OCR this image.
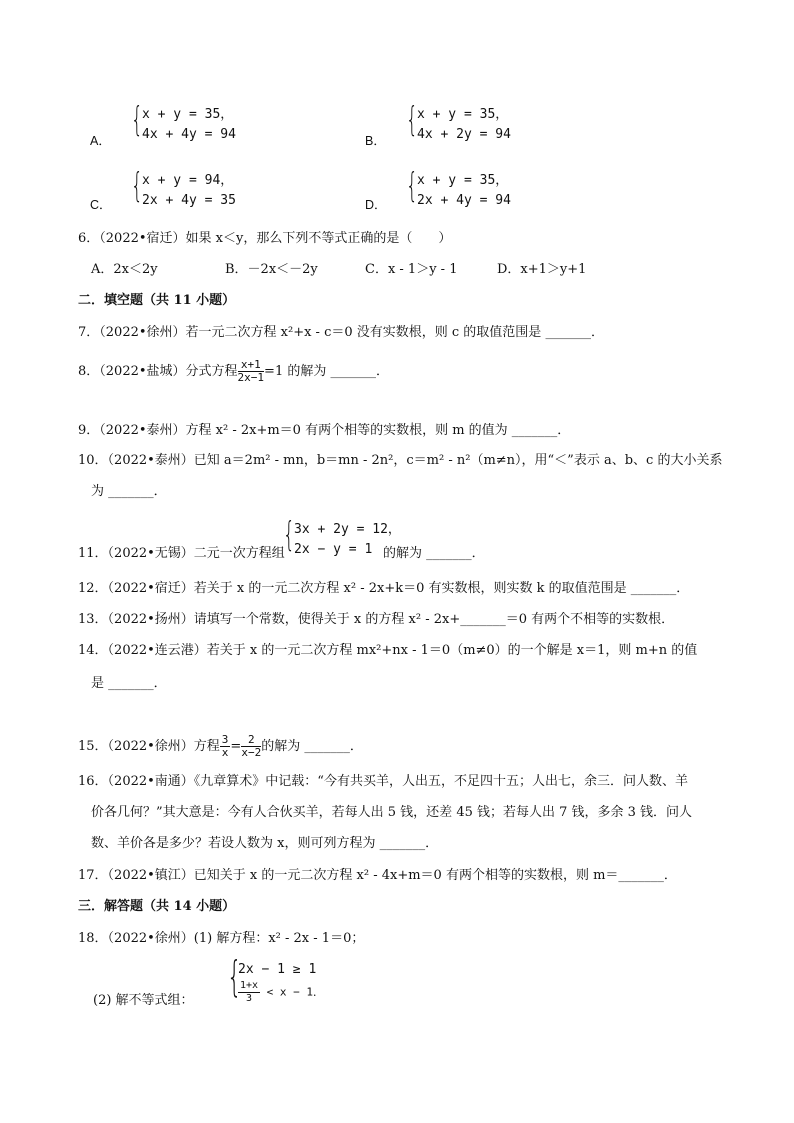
A．
{ x + y = 35，
4x + 4y = 94	B．
{ x + y = 35，
4x + 2y = 94
C． { x + y = 94，
2x + 4y = 35	D． { x + y = 35，
2x + 4y = 94
6．（2022•宿迁）如果 x＜y，那么下列不等式正确的是（　　）
A．2x＜2y	B．－2x＜－2y	C．x - 1＞y - 1	D．x+1＞y+1
二．填空题（共 11 小题）
7．（2022•徐州）若一元二次方程 x²+x - c＝0 没有实数根，则 c 的取值范围是 _______．
8．（2022•盐城）分式方程 $\frac{x+1}{2x-1} =1$ 的解为 _______．
9．（2022•泰州）方程 x² - 2x+m＝0 有两个相等的实数根，则 m 的值为 _______．
10．（2022•泰州）已知 a＝2m² - mn，b＝mn - 2n²，c＝m² - n²（m≠n），用“＜”表示 a、b、c 的大小关系
为 _______．
11．（2022•无锡）二元一次方程组
{ 3x + 2y = 12，
2x − y = 1 的解为 _______．
12．（2022•宿迁）若关于 x 的一元二次方程 x² - 2x+k＝0 有实数根，则实数 k 的取值范围是 _______．
13．（2022•扬州）请填写一个常数，使得关于 x 的方程 x² - 2x+_______＝0 有两个不相等的实数根．
14．（2022•连云港）若关于 x 的一元二次方程 mx²+nx - 1＝0（m≠0）的一个解是 x＝1，则 m+n 的值
是 _______．
15．（2022•徐州）方程 $\frac{3}{x} = \frac{2}{x-2}$ 的解为 _______．
16．（2022•南通）《九章算术》中记载：“今有共买羊，人出五，不足四十五；人出七，余三．问人数、羊
价各几何？”其大意是：今有人合伙买羊，若每人出 5 钱，还差 45 钱；若每人出 7 钱，多余 3 钱．问人
数、羊价各是多少？若设人数为 x，则可列方程为 _______．
17．（2022•镇江）已知关于 x 的一元二次方程 x² - 4x+m＝0 有两个相等的实数根，则 m＝_______．
三．解答题（共 14 小题）
18．（2022•徐州）(1) 解方程：x² - 2x - 1＝0；
(2) 解不等式组： {
2x − 1 ≥ 1
$\frac{1+x}{3} < x - 1$．
